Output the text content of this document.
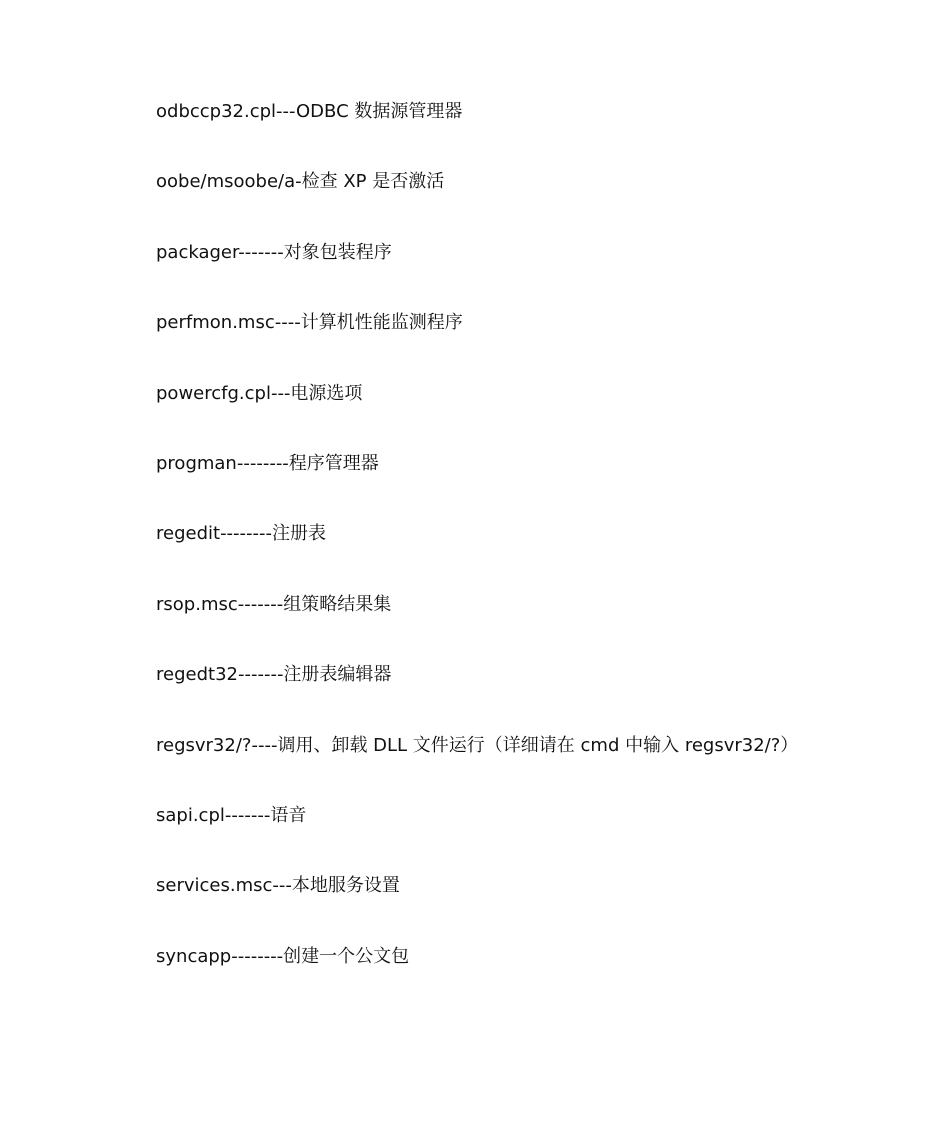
odbccp32.cpl---ODBC 数据源管理器
oobe/msoobe/a-检查 XP 是否激活
packager-------对象包装程序
perfmon.msc----计算机性能监测程序
powercfg.cpl---电源选项
progman--------程序管理器
regedit--------注册表
rsop.msc-------组策略结果集
regedt32-------注册表编辑器
regsvr32/?----调用、卸载 DLL 文件运行（详细请在 cmd 中输入 regsvr32/?）
sapi.cpl-------语音
services.msc---本地服务设置
syncapp--------创建一个公文包
